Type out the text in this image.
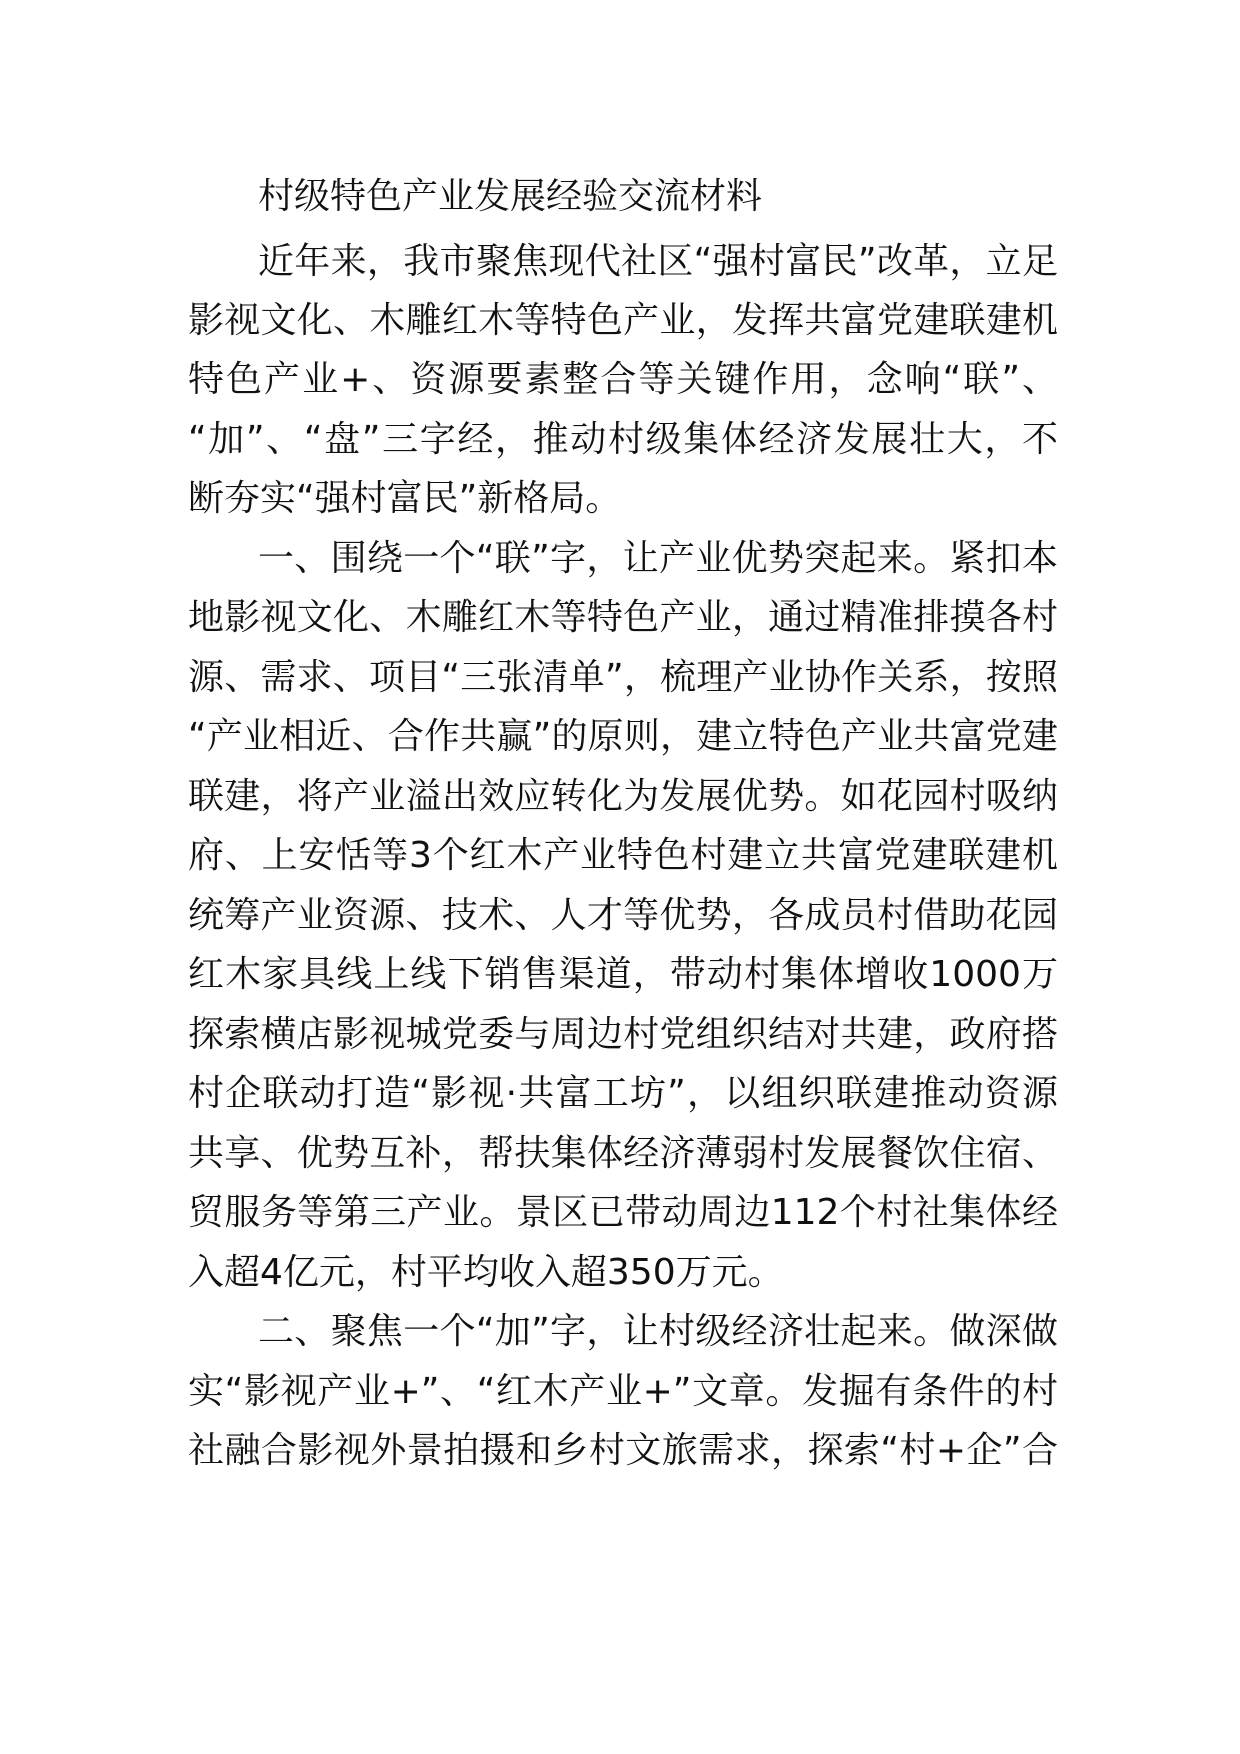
村级特色产业发展经验交流材料
近年来，我市聚焦现代社区“强村富民”改革，立足
影视文化、木雕红木等特色产业，发挥共富党建联建机
特色产业+、资源要素整合等关键作用，念响“联”、
“加”、“盘”三字经，推动村级集体经济发展壮大，不
断夯实“强村富民”新格局。
一、围绕一个“联”字，让产业优势突起来。紧扣本
地影视文化、木雕红木等特色产业，通过精准排摸各村
源、需求、项目“三张清单”，梳理产业协作关系，按照
“产业相近、合作共赢”的原则，建立特色产业共富党建
联建，将产业溢出效应转化为发展优势。如花园村吸纳
府、上安恬等3个红木产业特色村建立共富党建联建机
统筹产业资源、技术、人才等优势，各成员村借助花园
红木家具线上线下销售渠道，带动村集体增收1000万
探索横店影视城党委与周边村党组织结对共建，政府搭
村企联动打造“影视·共富工坊”，以组织联建推动资源
共享、优势互补，帮扶集体经济薄弱村发展餐饮住宿、
贸服务等第三产业。景区已带动周边112个村社集体经
入超4亿元，村平均收入超350万元。
二、聚焦一个“加”字，让村级经济壮起来。做深做
实“影视产业+”、“红木产业+”文章。发掘有条件的村
社融合影视外景拍摄和乡村文旅需求，探索“村+企”合
